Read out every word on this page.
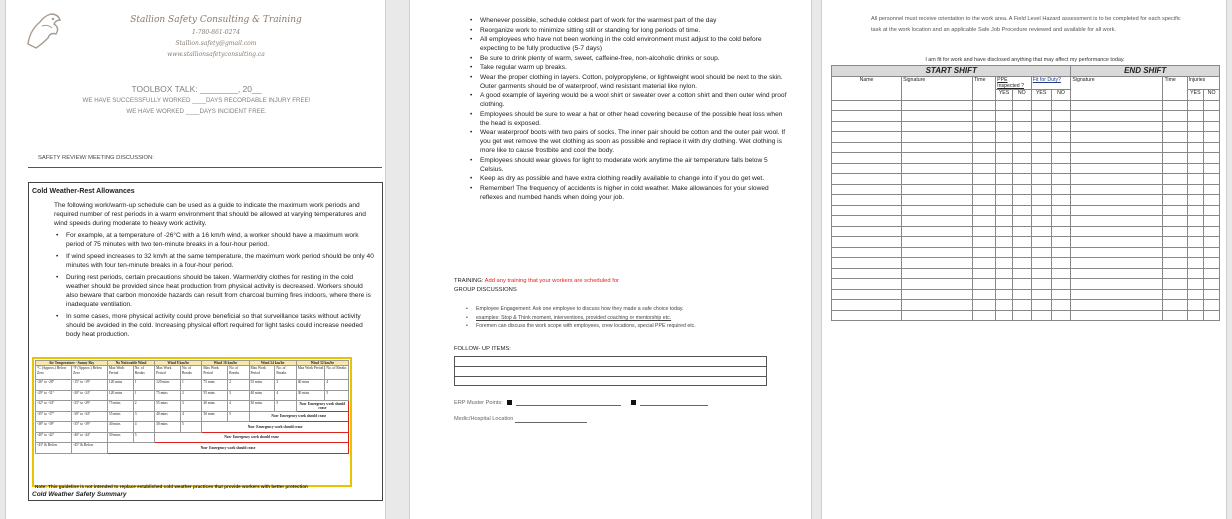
Stallion Safety Consulting & Training
1-780-861-0274
Stallion.safety@gmail.com
www.stallionsafetyconsulting.ca
TOOLBOX TALK: ________, 20__
WE HAVE SUCCESSFULLY WORKED ____DAYS RECORDABLE INJURY FREE!
WE HAVE WORKED ____DAYS INCIDENT FREE.
SAFETY REVIEW/ MEETING DISCUSSION:
Cold Weather-Rest Allowances
The following work/warm-up schedule can be used as a guide to indicate the maximum work periods and required number of rest periods in a warm environment that should be allowed at varying temperatures and wind speeds during moderate to heavy work activity.
• For example, at a temperature of -26°C with a 16 km/h wind, a worker should have a maximum work period of 75 minutes with two ten-minute breaks in a four-hour period.
• If wind speed increases to 32 km/h at the same temperature, the maximum work period should be only 40 minutes with four ten-minute breaks in a four-hour period.
• During rest periods, certain precautions should be taken. Warmer/dry clothes for resting in the cold weather should be provided since heat production from physical activity is decreased. Workers should also beware that carbon monoxide hazards can result from charcoal burning fires indoors, where there is inadequate ventilation.
• In some cases, more physical activity could prove beneficial so that surveillance tasks without activity should be avoided in the cold. Increasing physical effort required for light tasks could increase needed body heat production.
Air Temperature - Sunny Sky		No Noticeable Wind		Wind 8 km/hr		Wind 16 km/hr		Wind 24 km/hr		Wind 32 km/hr	
°C (Approx.) Below Zero	°F (Approx.) Below Zero	Max Work Period	No. of Breaks	Max Work Period	No. of Breaks	Max Work Period	No. of Breaks	Max Work Period	No. of Breaks	Max Work Period	No. of Breaks
-26° to -28°	-15° to -19°	120 mins	1	120 mins	1	75 mins	2	55 mins	3	40 mins	4
-29° to -31°	-20° to -24°	120 mins	1	75 mins	2	55 mins	3	40 mins	4	30 mins	5
-32° to -34°	-25° to -29°	75 mins	2	55 mins	3	40 mins	4	30 mins	5	Non- Emergency work should cease	
-35° to -37°	-30° to -34°	55 mins	3	40 mins	4	30 mins	5	Non- Emergency work should cease			
-38° to -39°	-35° to -39°	40 mins	4	30 mins	5	Non- Emergency work should cease					
-40° to -42°	-40° to -44°	30 mins	5	Non- Emergency work should cease							
-43° & Below	-45° & Below	Non- Emergency work should cease									
Note: This guideline is not intended to replace established cold weather practices that provide workers with better protection
Cold Weather Safety Summary
• Whenever possible, schedule coldest part of work for the warmest part of the day
• Reorganize work to minimize sitting still or standing for long periods of time.
• All employees who have not been working in the cold environment must adjust to the cold before expecting to be fully productive (5-7 days)
• Be sure to drink plenty of warm, sweet, caffeine-free, non-alcoholic drinks or soup.
• Take regular warm up breaks.
• Wear the proper clothing in layers. Cotton, polypropylene, or lightweight wool should be next to the skin. Outer garments should be of waterproof, wind resistant material like nylon.
• A good example of layering would be a wool shirt or sweater over a cotton shirt and then outer wind proof clothing.
• Employees should be sure to wear a hat or other head covering because of the possible heat loss when the head is exposed.
• Wear waterproof boots with two pairs of socks. The inner pair should be cotton and the outer pair wool. If you get wet remove the wet clothing as soon as possible and replace it with dry clothing. Wet clothing is more like to cause frostbite and cool the body.
• Employees should wear gloves for light to moderate work anytime the air temperature falls below 5 Celsius.
• Keep as dry as possible and have extra clothing readily available to change into if you do get wet.
• Remember! The frequency of accidents is higher in cold weather. Make allowances for your slowed reflexes and numbed hands when doing your job.
TRAINING: Add any training that your workers are scheduled for
GROUP DISCUSSIONS
• Employee Engagement: Ask one employee to discuss how they made a safe choice today.
• examples: Stop & Think moment, interventions, provided coaching or mentorship etc.
• Foremen can discuss the work scope with employees, crew locations, special PPE required etc.
FOLLOW- UP ITEMS:
ERP Muster Points:

Medic/Hospital Location
All personnel must receive orientation to the work area. A Field Level Hazard assessment is to be completed for each specific task at the work location and an applicable Safe Job Procedure reviewed and available for all work.
I am fit for work and have disclosed anything that may affect my performance today.
START SHIFT							END SHIFT			
Name	Signature	Time	PPE Inspected ?		Fit for Duty?		Signature	Time	Injuries	
			YES	NO	YES	NO			YES	NO
